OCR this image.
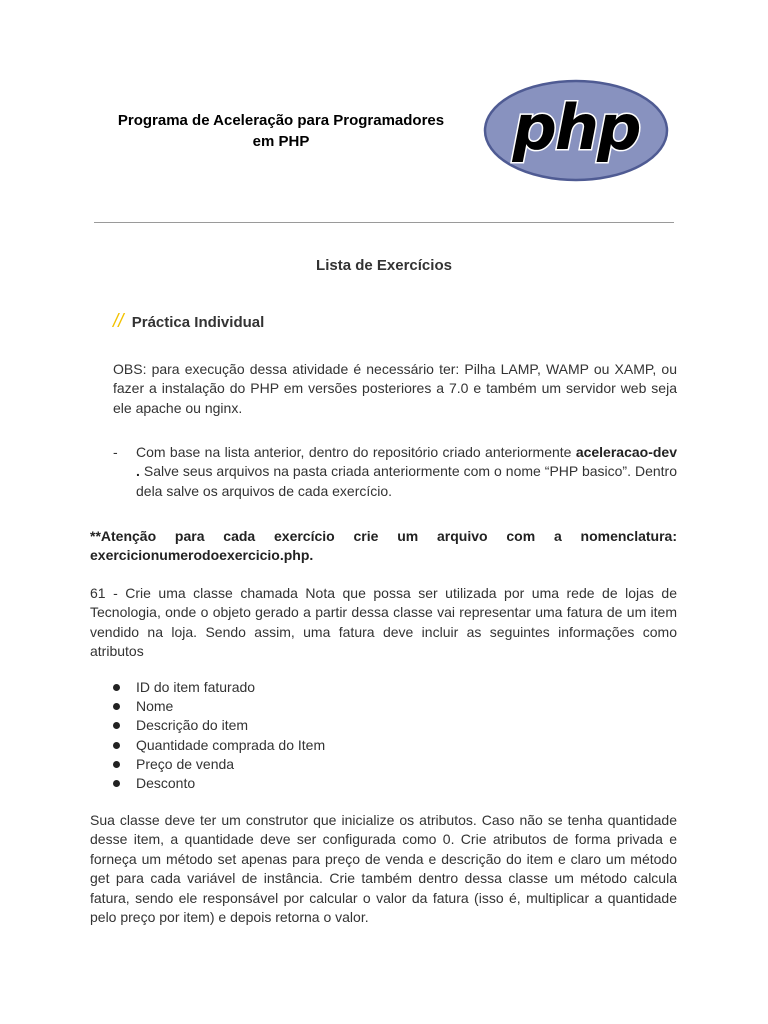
Programa de Aceleração para Programadores
em PHP	php
Lista de Exercícios
// Práctica Individual
OBS: para execução dessa atividade é necessário ter: Pilha LAMP, WAMP ou XAMP, ou fazer a instalação do PHP em versões posteriores a 7.0 e também um servidor web seja ele apache ou nginx.
- Com base na lista anterior, dentro do repositório criado anteriormente aceleracao-dev . Salve seus arquivos na pasta criada anteriormente com o nome “PHP basico”. Dentro dela salve os arquivos de cada exercício.
**Atenção para cada exercício crie um arquivo com a nomenclatura: exercicionumerodoexercicio.php.
61 - Crie uma classe chamada Nota que possa ser utilizada por uma rede de lojas de Tecnologia, onde o objeto gerado a partir dessa classe vai representar uma fatura de um item vendido na loja. Sendo assim, uma fatura deve incluir as seguintes informações como atributos
ID do item faturado
Nome
Descrição do item
Quantidade comprada do Item
Preço de venda
Desconto
Sua classe deve ter um construtor que inicialize os atributos. Caso não se tenha quantidade desse item, a quantidade deve ser configurada como 0. Crie atributos de forma privada e forneça um método set apenas para preço de venda e descrição do item e claro um método get para cada variável de instância. Crie também dentro dessa classe um método calcula fatura, sendo ele responsável por calcular o valor da fatura (isso é, multiplicar a quantidade pelo preço por item) e depois retorna o valor.
